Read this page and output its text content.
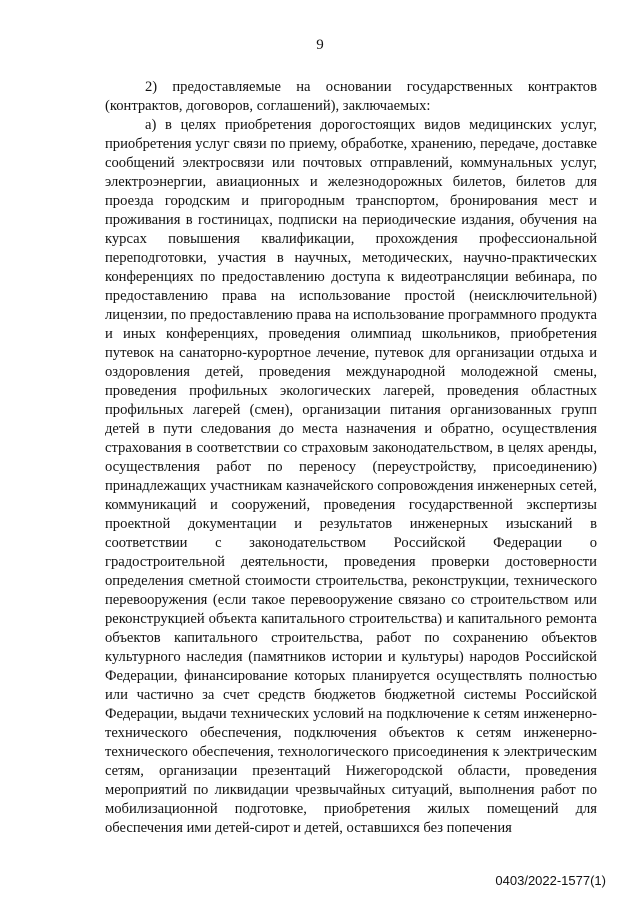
9

2) предоставляемые на основании государственных контрактов (контрактов, договоров, соглашений), заключаемых:

а) в целях приобретения дорогостоящих видов медицинских услуг, приобретения услуг связи по приему, обработке, хранению, передаче, доставке сообщений электросвязи или почтовых отправлений, коммунальных услуг, электроэнергии, авиационных и железнодорожных билетов, билетов для проезда городским и пригородным транспортом, бронирования мест и проживания в гостиницах, подписки на периодические издания, обучения на курсах повышения квалификации, прохождения профессиональной переподготовки, участия в научных, методических, научно-практических конференциях по предоставлению доступа к видеотрансляции вебинара, по предоставлению права на использование простой (неисключительной) лицензии, по предоставлению права на использование программного продукта и иных конференциях, проведения олимпиад школьников, приобретения путевок на санаторно-курортное лечение, путевок для организации отдыха и оздоровления детей, проведения международной молодежной смены, проведения профильных экологических лагерей, проведения областных профильных лагерей (смен), организации питания организованных групп детей в пути следования до места назначения и обратно, осуществления страхования в соответствии со страховым законодательством, в целях аренды, осуществления работ по переносу (переустройству, присоединению) принадлежащих участникам казначейского сопровождения инженерных сетей, коммуникаций и сооружений, проведения государственной экспертизы проектной документации и результатов инженерных изысканий в соответствии с законодательством Российской Федерации о градостроительной деятельности, проведения проверки достоверности определения сметной стоимости строительства, реконструкции, технического перевооружения (если такое перевооружение связано со строительством или реконструкцией объекта капитального строительства) и капитального ремонта объектов капитального строительства, работ по сохранению объектов культурного наследия (памятников истории и культуры) народов Российской Федерации, финансирование которых планируется осуществлять полностью или частично за счет средств бюджетов бюджетной системы Российской Федерации, выдачи технических условий на подключение к сетям инженерно-технического обеспечения, подключения объектов к сетям инженерно-технического обеспечения, технологического присоединения к электрическим сетям, организации презентаций Нижегородской области, проведения мероприятий по ликвидации чрезвычайных ситуаций, выполнения работ по мобилизационной подготовке, приобретения жилых помещений для обеспечения ими детей-сирот и детей, оставшихся без попечения

0403/2022-1577(1)
